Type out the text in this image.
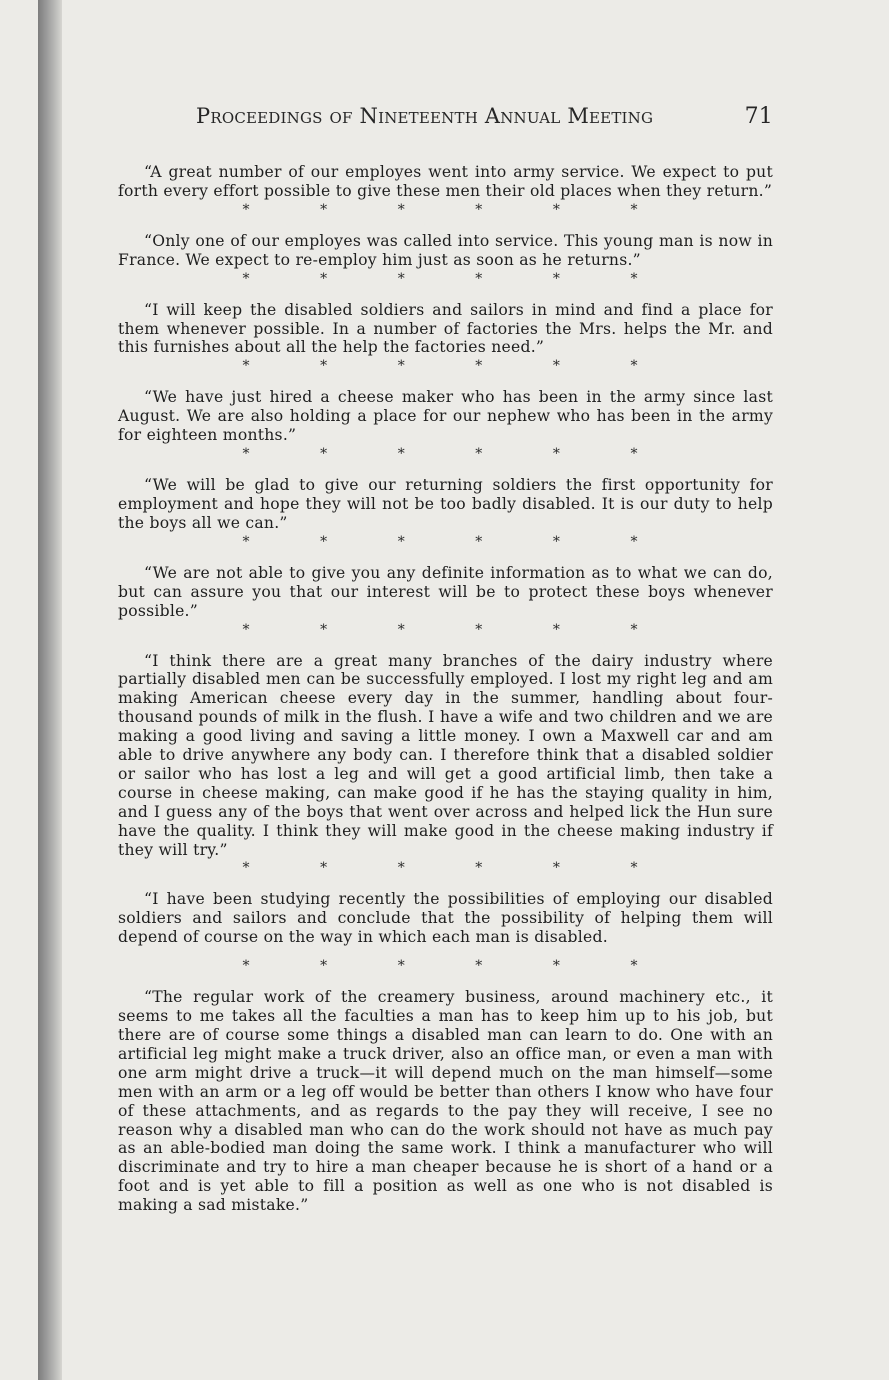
Proceedings of Nineteenth Annual Meeting	71

“A great number of our employes went into army service. We expect to put forth every effort possible to give these men their old places when they return.”

*	*	*	*	*	*

“Only one of our employes was called into service. This young man is now in France. We expect to re-employ him just as soon as he returns.”

*	*	*	*	*	*

“I will keep the disabled soldiers and sailors in mind and find a place for them whenever possible. In a number of factories the Mrs. helps the Mr. and this furnishes about all the help the factories need.”

*	*	*	*	*	*

“We have just hired a cheese maker who has been in the army since last August. We are also holding a place for our nephew who has been in the army for eighteen months.”

*	*	*	*	*	*

“We will be glad to give our returning soldiers the first opportunity for employment and hope they will not be too badly disabled. It is our duty to help the boys all we can.”

*	*	*	*	*	*

“We are not able to give you any definite information as to what we can do, but can assure you that our interest will be to protect these boys whenever possible.”

*	*	*	*	*	*

“I think there are a great many branches of the dairy industry where partially disabled men can be successfully employed. I lost my right leg and am making American cheese every day in the summer, handling about four-thousand pounds of milk in the flush. I have a wife and two children and we are making a good living and saving a little money. I own a Maxwell car and am able to drive anywhere any body can. I therefore think that a disabled soldier or sailor who has lost a leg and will get a good artificial limb, then take a course in cheese making, can make good if he has the staying quality in him, and I guess any of the boys that went over across and helped lick the Hun sure have the quality. I think they will make good in the cheese making industry if they will try.”

*	*	*	*	*	*

“I have been studying recently the possibilities of employing our disabled soldiers and sailors and conclude that the possibility of helping them will depend of course on the way in which each man is disabled.

*	*	*	*	*	*

“The regular work of the creamery business, around machinery etc., it seems to me takes all the faculties a man has to keep him up to his job, but there are of course some things a disabled man can learn to do. One with an artificial leg might make a truck driver, also an office man, or even a man with one arm might drive a truck—it will depend much on the man himself—some men with an arm or a leg off would be better than others I know who have four of these attachments, and as regards to the pay they will receive, I see no reason why a disabled man who can do the work should not have as much pay as an able-bodied man doing the same work. I think a manufacturer who will discriminate and try to hire a man cheaper because he is short of a hand or a foot and is yet able to fill a position as well as one who is not disabled is making a sad mistake.”
